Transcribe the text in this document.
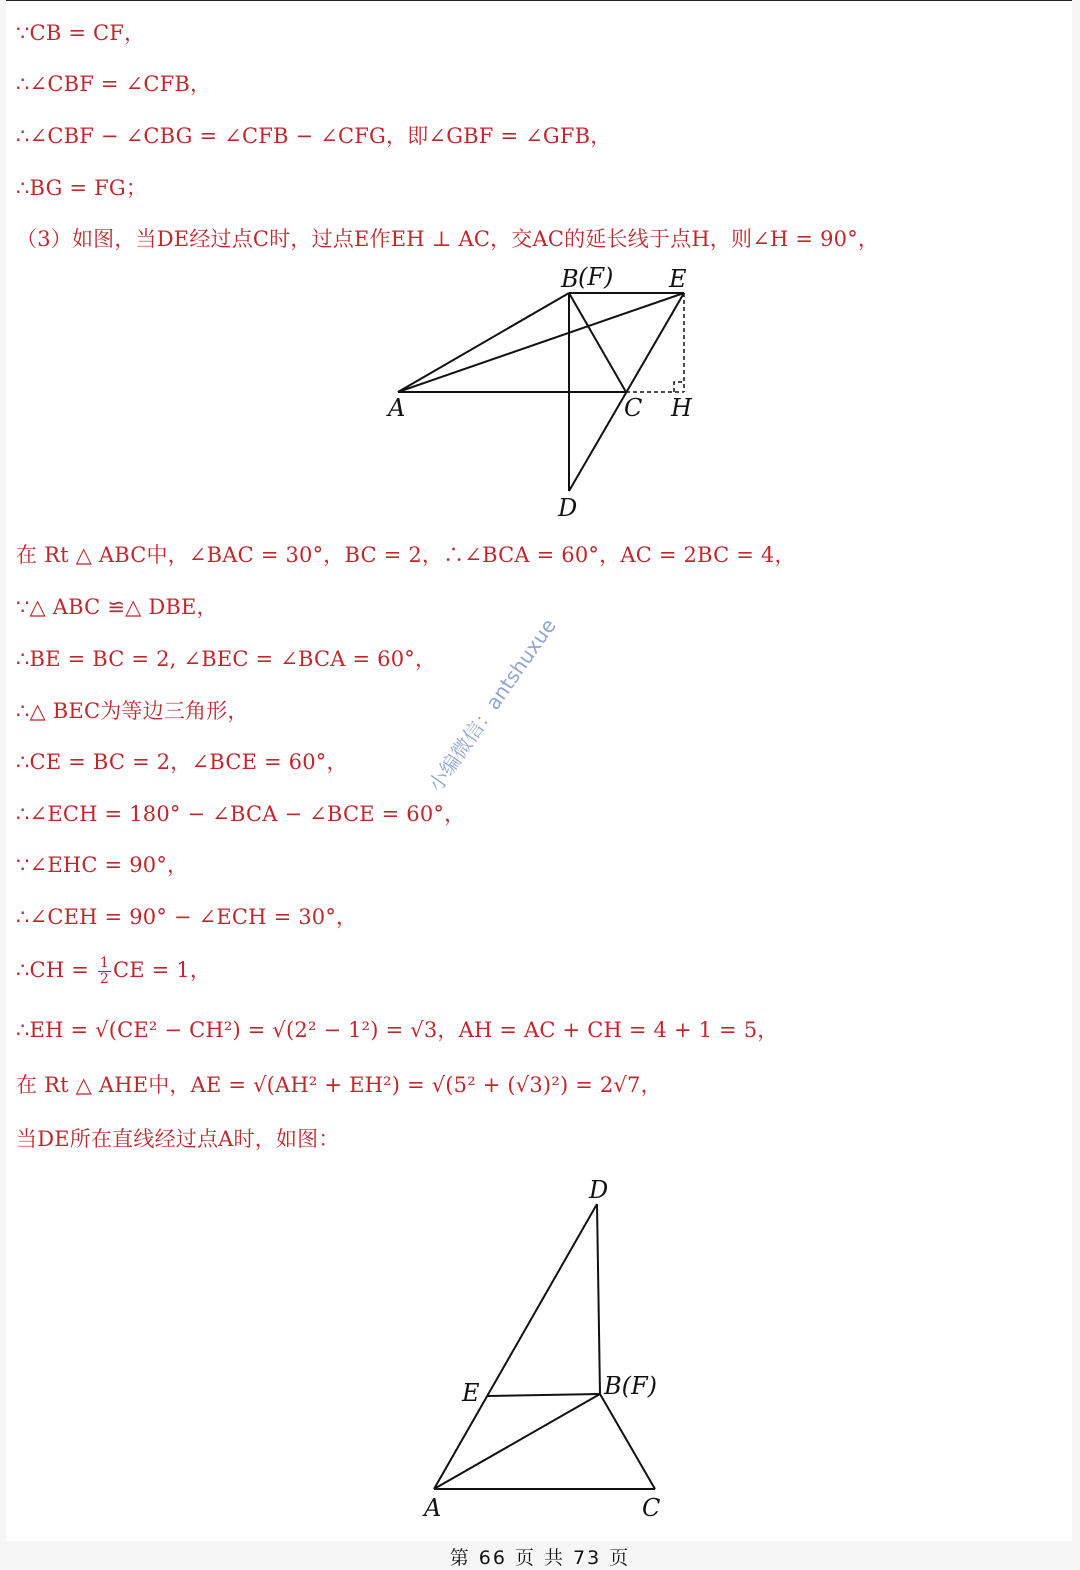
∵CB = CF，
∴∠CBF = ∠CFB，
∴∠CBF − ∠CBG = ∠CFB − ∠CFG，即∠GBF = ∠GFB，
∴BG = FG；
（3）如图，当DE经过点C时，过点E作EH ⊥ AC，交AC的延长线于点H，则∠H = 90°，
B (F) E
A	C H
D
在 Rt △ ABC中，∠BAC = 30°，BC = 2，∴∠BCA = 60°，AC = 2BC = 4，
∵△ ABC ≌△ DBE，
∴BE = BC = 2, ∠BEC = ∠BCA = 60°，
∴△ BEC为等边三角形，
∴CE = BC = 2，∠BCE = 60°，
∴∠ECH = 180° − ∠BCA − ∠BCE = 60°，
∵∠EHC = 90°，
∴∠CEH = 90° − ∠ECH = 30°，
∴CH = $\frac{1}{2}$ CE = 1，
∴EH = √(CE² − CH²) = √(2² − 1²) = √3，AH = AC + CH = 4 + 1 = 5，
在 Rt △ AHE中，AE = √(AH² + EH²) = √(5² + (√3)²) = 2√7，
当DE所在直线经过点A时，如图：
D
E	B(F)
A	C
小编微信：antshuxue
第 66 页 共 73 页
